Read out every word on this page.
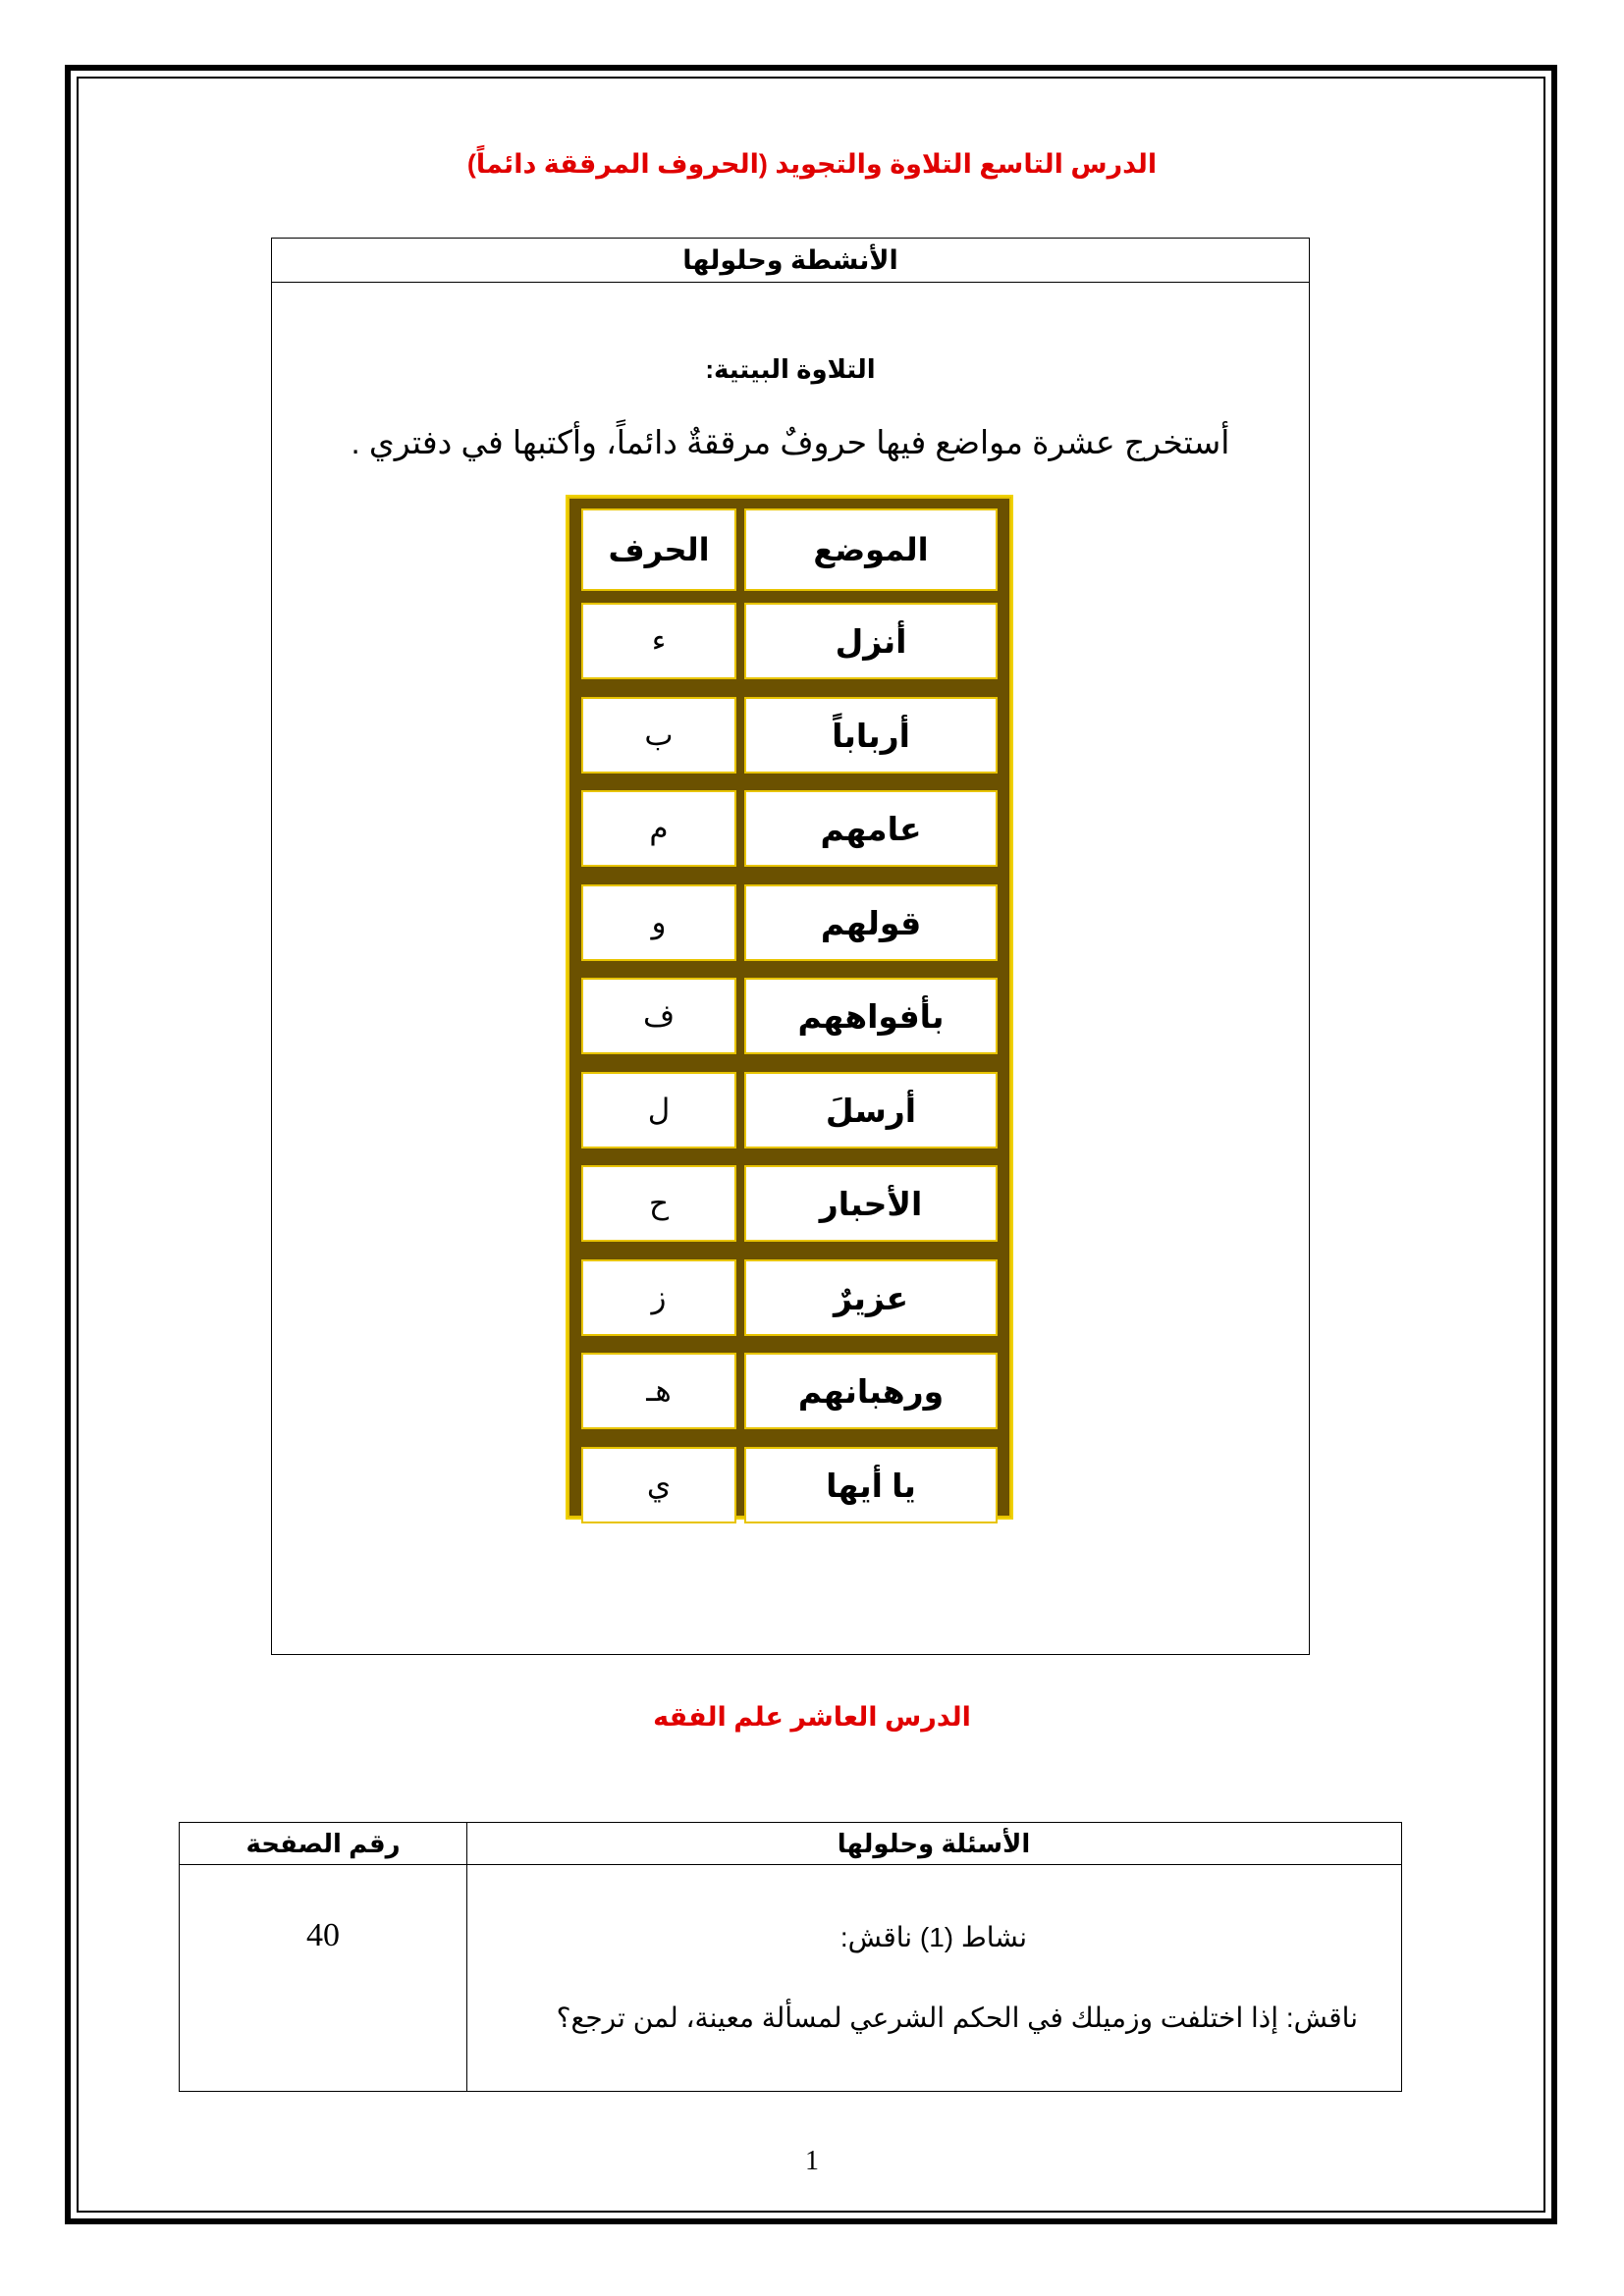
الدرس التاسع التلاوة والتجويد (الحروف المرققة دائماً)
الأنشطة وحلولها
التلاوة البيتية:
أستخرج عشرة مواضع فيها حروفٌ مرققةٌ دائماً، وأكتبها في دفتري .
الموضع
الحرف
أنزل
ء
أرباباً
ب
عامهم
م
قولهم
و
بأفواههم
ف
أرسلَ
ل
الأحبار
ح
عزيرٌ
ز
ورهبانهم
هـ
يا أيها
ي
الدرس العاشر علم الفقه
الأسئلة وحلولها
رقم الصفحة
40	نشاط (1) ناقش:
ناقش: إذا اختلفت وزميلك في الحكم الشرعي لمسألة معينة، لمن ترجع؟
1
